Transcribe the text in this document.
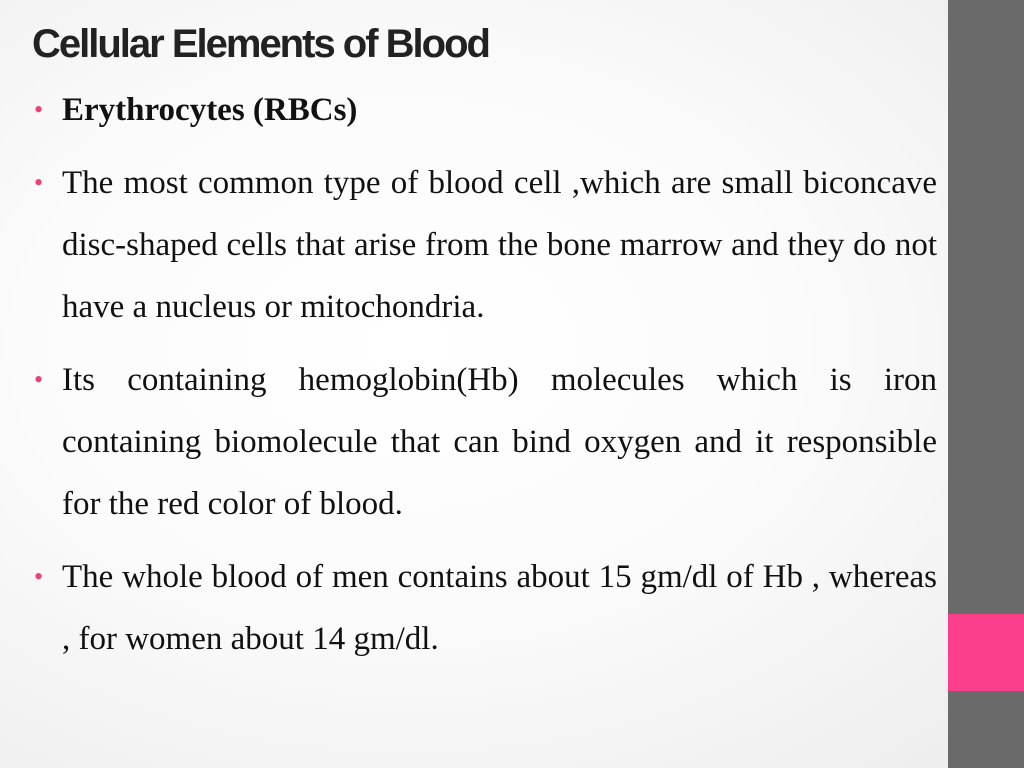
Cellular Elements of Blood
• Erythrocytes (RBCs)
• The most common type of blood cell ,which are small biconcave disc-shaped cells that arise from the bone marrow and they do not have a nucleus or mitochondria.
• Its containing hemoglobin(Hb) molecules which is iron containing biomolecule that can bind oxygen and it responsible for the red color of blood.
• The whole blood of men contains about 15 gm/dl of Hb , whereas , for women about 14 gm/dl.
